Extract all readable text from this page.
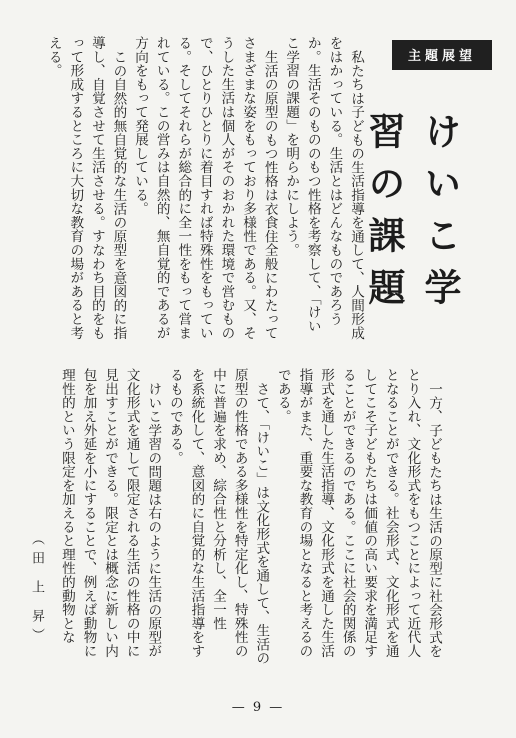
主題展望
けいこ学習の課題

私たちは子どもの生活指導を通して、人間形成をはかっている。生活とはどんなものであろうか。生活そのもののもつ性格を考察して、「けいこ学習の課題」を明らかにしよう。

生活の原型のもつ性格は衣食住全般にわたってさまざまな姿をもっており多様性である。又、そうした生活は個人がそのおかれた環境で営むもので、ひとりひとりに着目すれば特殊性をもっている。そしてそれらが総合的に全一性をもって営まれている。この営みは自然的、無自覚的であるが方向をもって発展している。

この自然的無自覚的な生活の原型を意図的に指導し、自覚させて生活させる。すなわち目的をもって形成するところに大切な教育の場があると考える。

一方、子どもたちは生活の原型に社会形式をとり入れ、文化形式をもつことによって近代人となることができる。社会形式、文化形式を通してこそ子どもたちは価値の高い要求を満足することができるのである。ここに社会的関係の形式を通した生活指導、文化形式を通した生活指導がまた、重要な教育の場となると考えるのである。

さて、「けいこ」は文化形式を通して、生活の原型の性格である多様性を特定化し、特殊性の中に普遍を求め、綜合性と分析し、全一性

を系統化して、意図的に自覚的な生活指導をするものである。

けいこ学習の問題は右のように生活の原型が文化形式を通して限定される生活の性格の中に見出すことができる。限定とは概念に新しい内包を加え外延を小にすることで、例えば動物に理性的という限定を加えると理性的動物とな

（田 上 昇）
— 9 —
